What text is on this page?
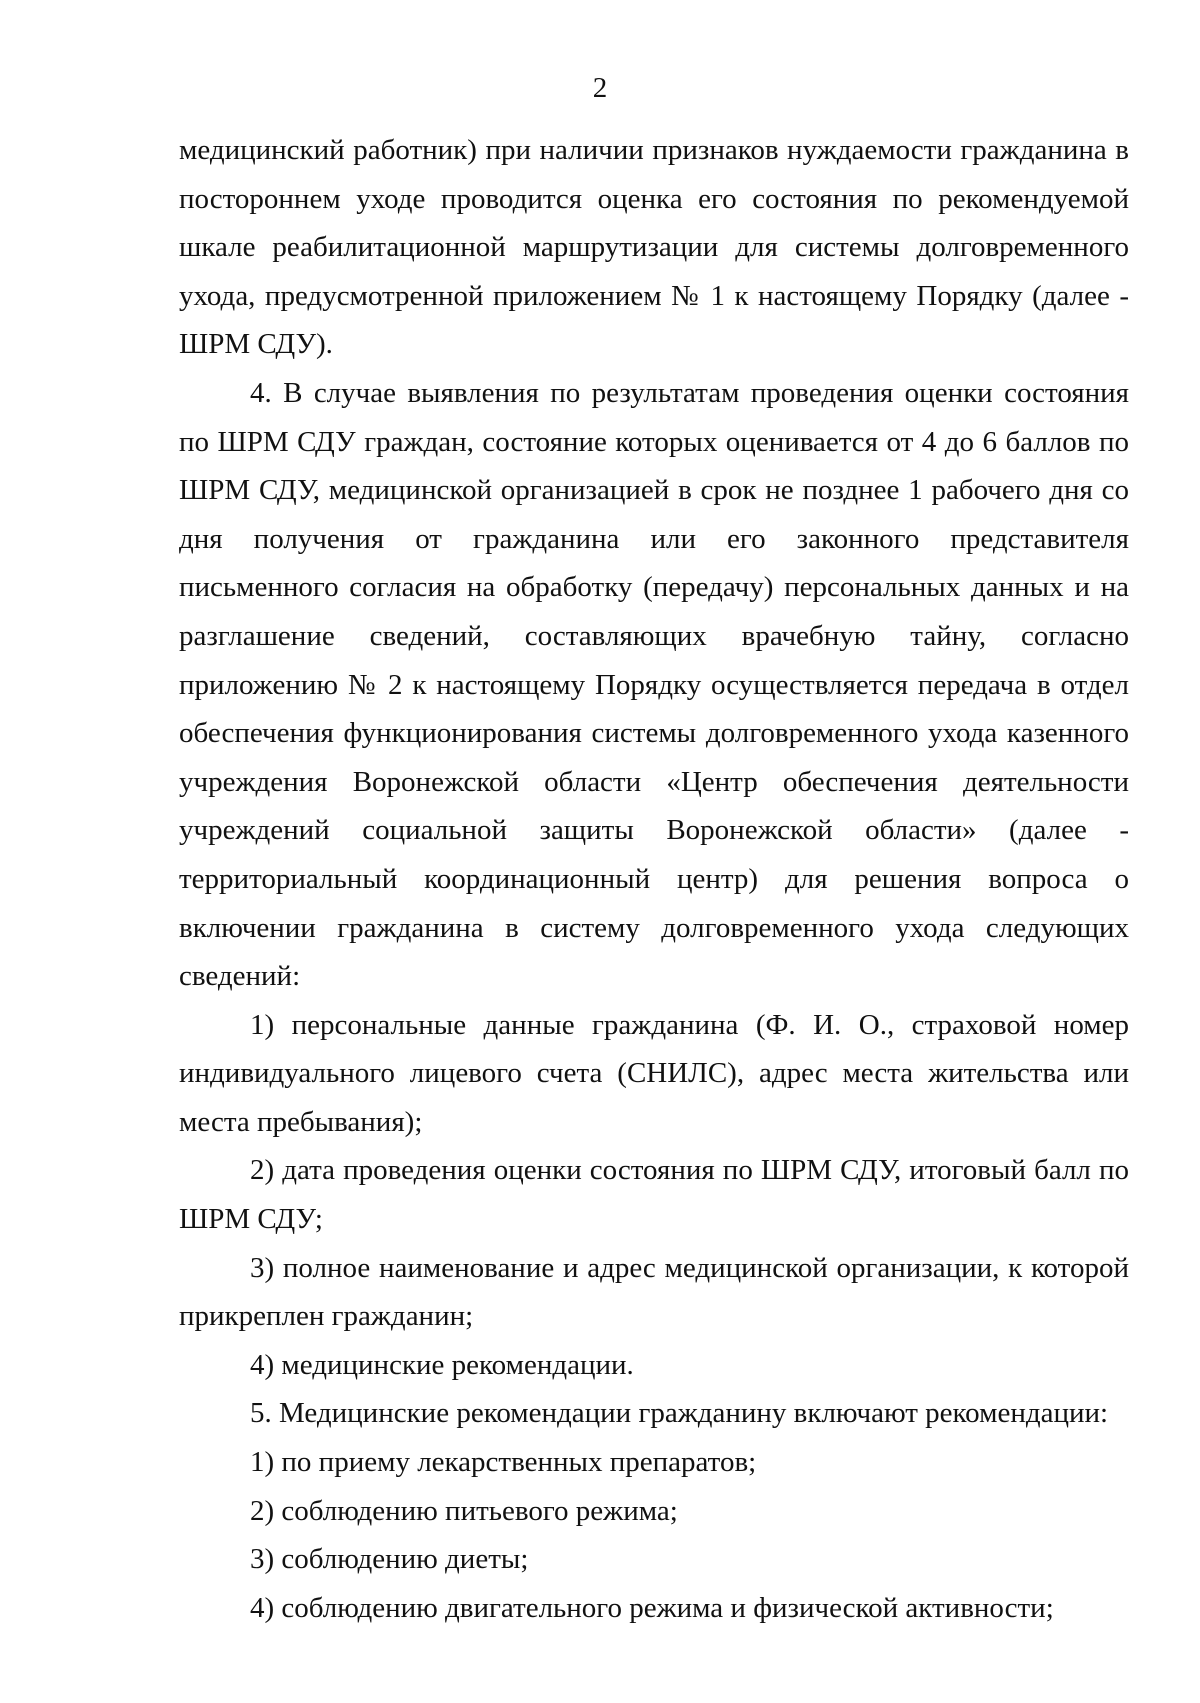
2

медицинский работник) при наличии признаков нуждаемости гражданина в постороннем уходе проводится оценка его состояния по рекомендуемой шкале реабилитационной маршрутизации для системы долговременного ухода, предусмотренной приложением № 1 к настоящему Порядку (далее - ШРМ СДУ).

4. В случае выявления по результатам проведения оценки состояния по ШРМ СДУ граждан, состояние которых оценивается от 4 до 6 баллов по ШРМ СДУ, медицинской организацией в срок не позднее 1 рабочего дня со дня получения от гражданина или его законного представителя письменного согласия на обработку (передачу) персональных данных и на разглашение сведений, составляющих врачебную тайну, согласно приложению № 2 к настоящему Порядку осуществляется передача в отдел обеспечения функционирования системы долговременного ухода казенного учреждения Воронежской области «Центр обеспечения деятельности учреждений социальной защиты Воронежской области» (далее - территориальный координационный центр) для решения вопроса о включении гражданина в систему долговременного ухода следующих сведений:

1) персональные данные гражданина (Ф. И. О., страховой номер индивидуального лицевого счета (СНИЛС), адрес места жительства или места пребывания);

2) дата проведения оценки состояния по ШРМ СДУ, итоговый балл по ШРМ СДУ;

3) полное наименование и адрес медицинской организации, к которой прикреплен гражданин;

4) медицинские рекомендации.

5. Медицинские рекомендации гражданину включают рекомендации:

1) по приему лекарственных препаратов;

2) соблюдению питьевого режима;

3) соблюдению диеты;

4) соблюдению двигательного режима и физической активности;
